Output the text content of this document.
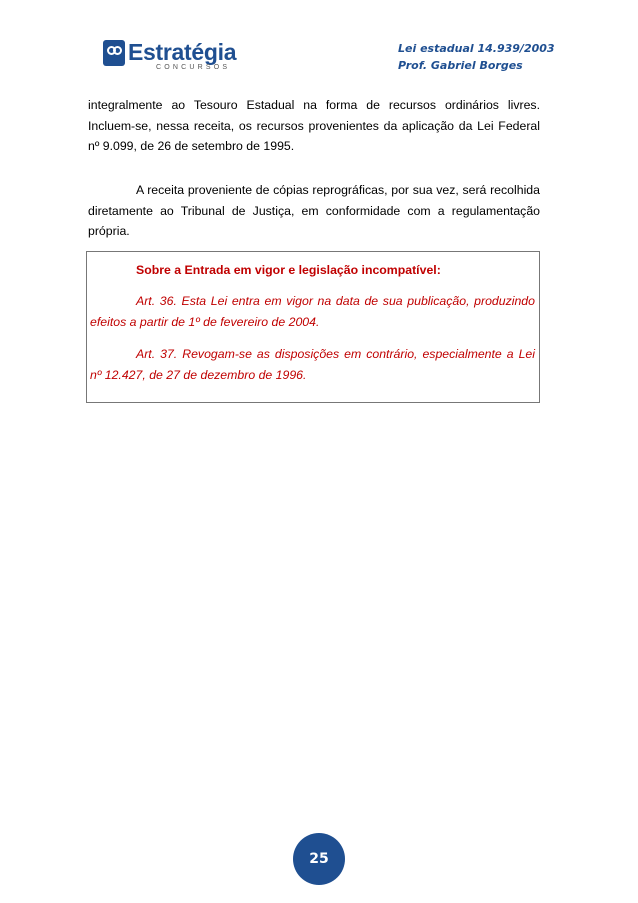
Estratégia
CONCURSOS
Lei estadual 14.939/2003
Prof. Gabriel Borges
integralmente ao Tesouro Estadual na forma de recursos ordinários livres. Incluem-se, nessa receita, os recursos provenientes da aplicação da Lei Federal nº 9.099, de 26 de setembro de 1995.
A receita proveniente de cópias reprográficas, por sua vez, será recolhida diretamente ao Tribunal de Justiça, em conformidade com a regulamentação própria.
Sobre a Entrada em vigor e legislação incompatível:
Art. 36. Esta Lei entra em vigor na data de sua publicação, produzindo efeitos a partir de 1º de fevereiro de 2004.
Art. 37. Revogam-se as disposições em contrário, especialmente a Lei nº 12.427, de 27 de dezembro de 1996.
25
